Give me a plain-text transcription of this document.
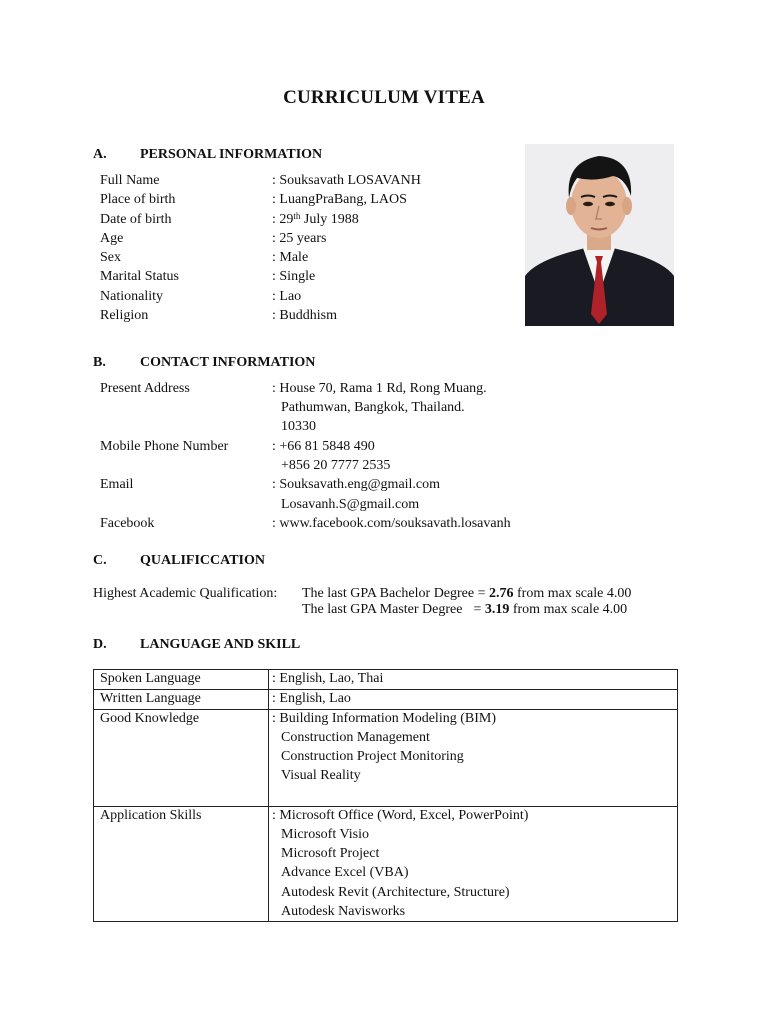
CURRICULUM VITEA
A. PERSONAL INFORMATION
Full Name	: Souksavath LOSAVANH
Place of birth	: LuangPraBang, LAOS
Date of birth	: 29th July 1988
Age	: 25 years
Sex	: Male
Marital Status	: Single
Nationality	: Lao
Religion	: Buddhism
B. CONTACT INFORMATION
Present Address	: House 70, Rama 1 Rd, Rong Muang.
Pathumwan, Bangkok, Thailand.
10330
Mobile Phone Number	: +66 81 5848 490
+856 20 7777 2535
Email	: Souksavath.eng@gmail.com
Losavanh.S@gmail.com
Facebook	: www.facebook.com/souksavath.losavanh
C. QUALIFICCATION
Highest Academic Qualification: The last GPA Bachelor Degree = 2.76 from max scale 4.00
The last GPA Master Degree = 3.19 from max scale 4.00
D. LANGUAGE AND SKILL
Spoken Language	: English, Lao, Thai
Written Language	: English, Lao
Good Knowledge	: Building Information Modeling (BIM)
Construction Management
Construction Project Monitoring
Visual Reality
Application Skills	: Microsoft Office (Word, Excel, PowerPoint)
Microsoft Visio
Microsoft Project
Advance Excel (VBA)
Autodesk Revit (Architecture, Structure)
Autodesk Navisworks
